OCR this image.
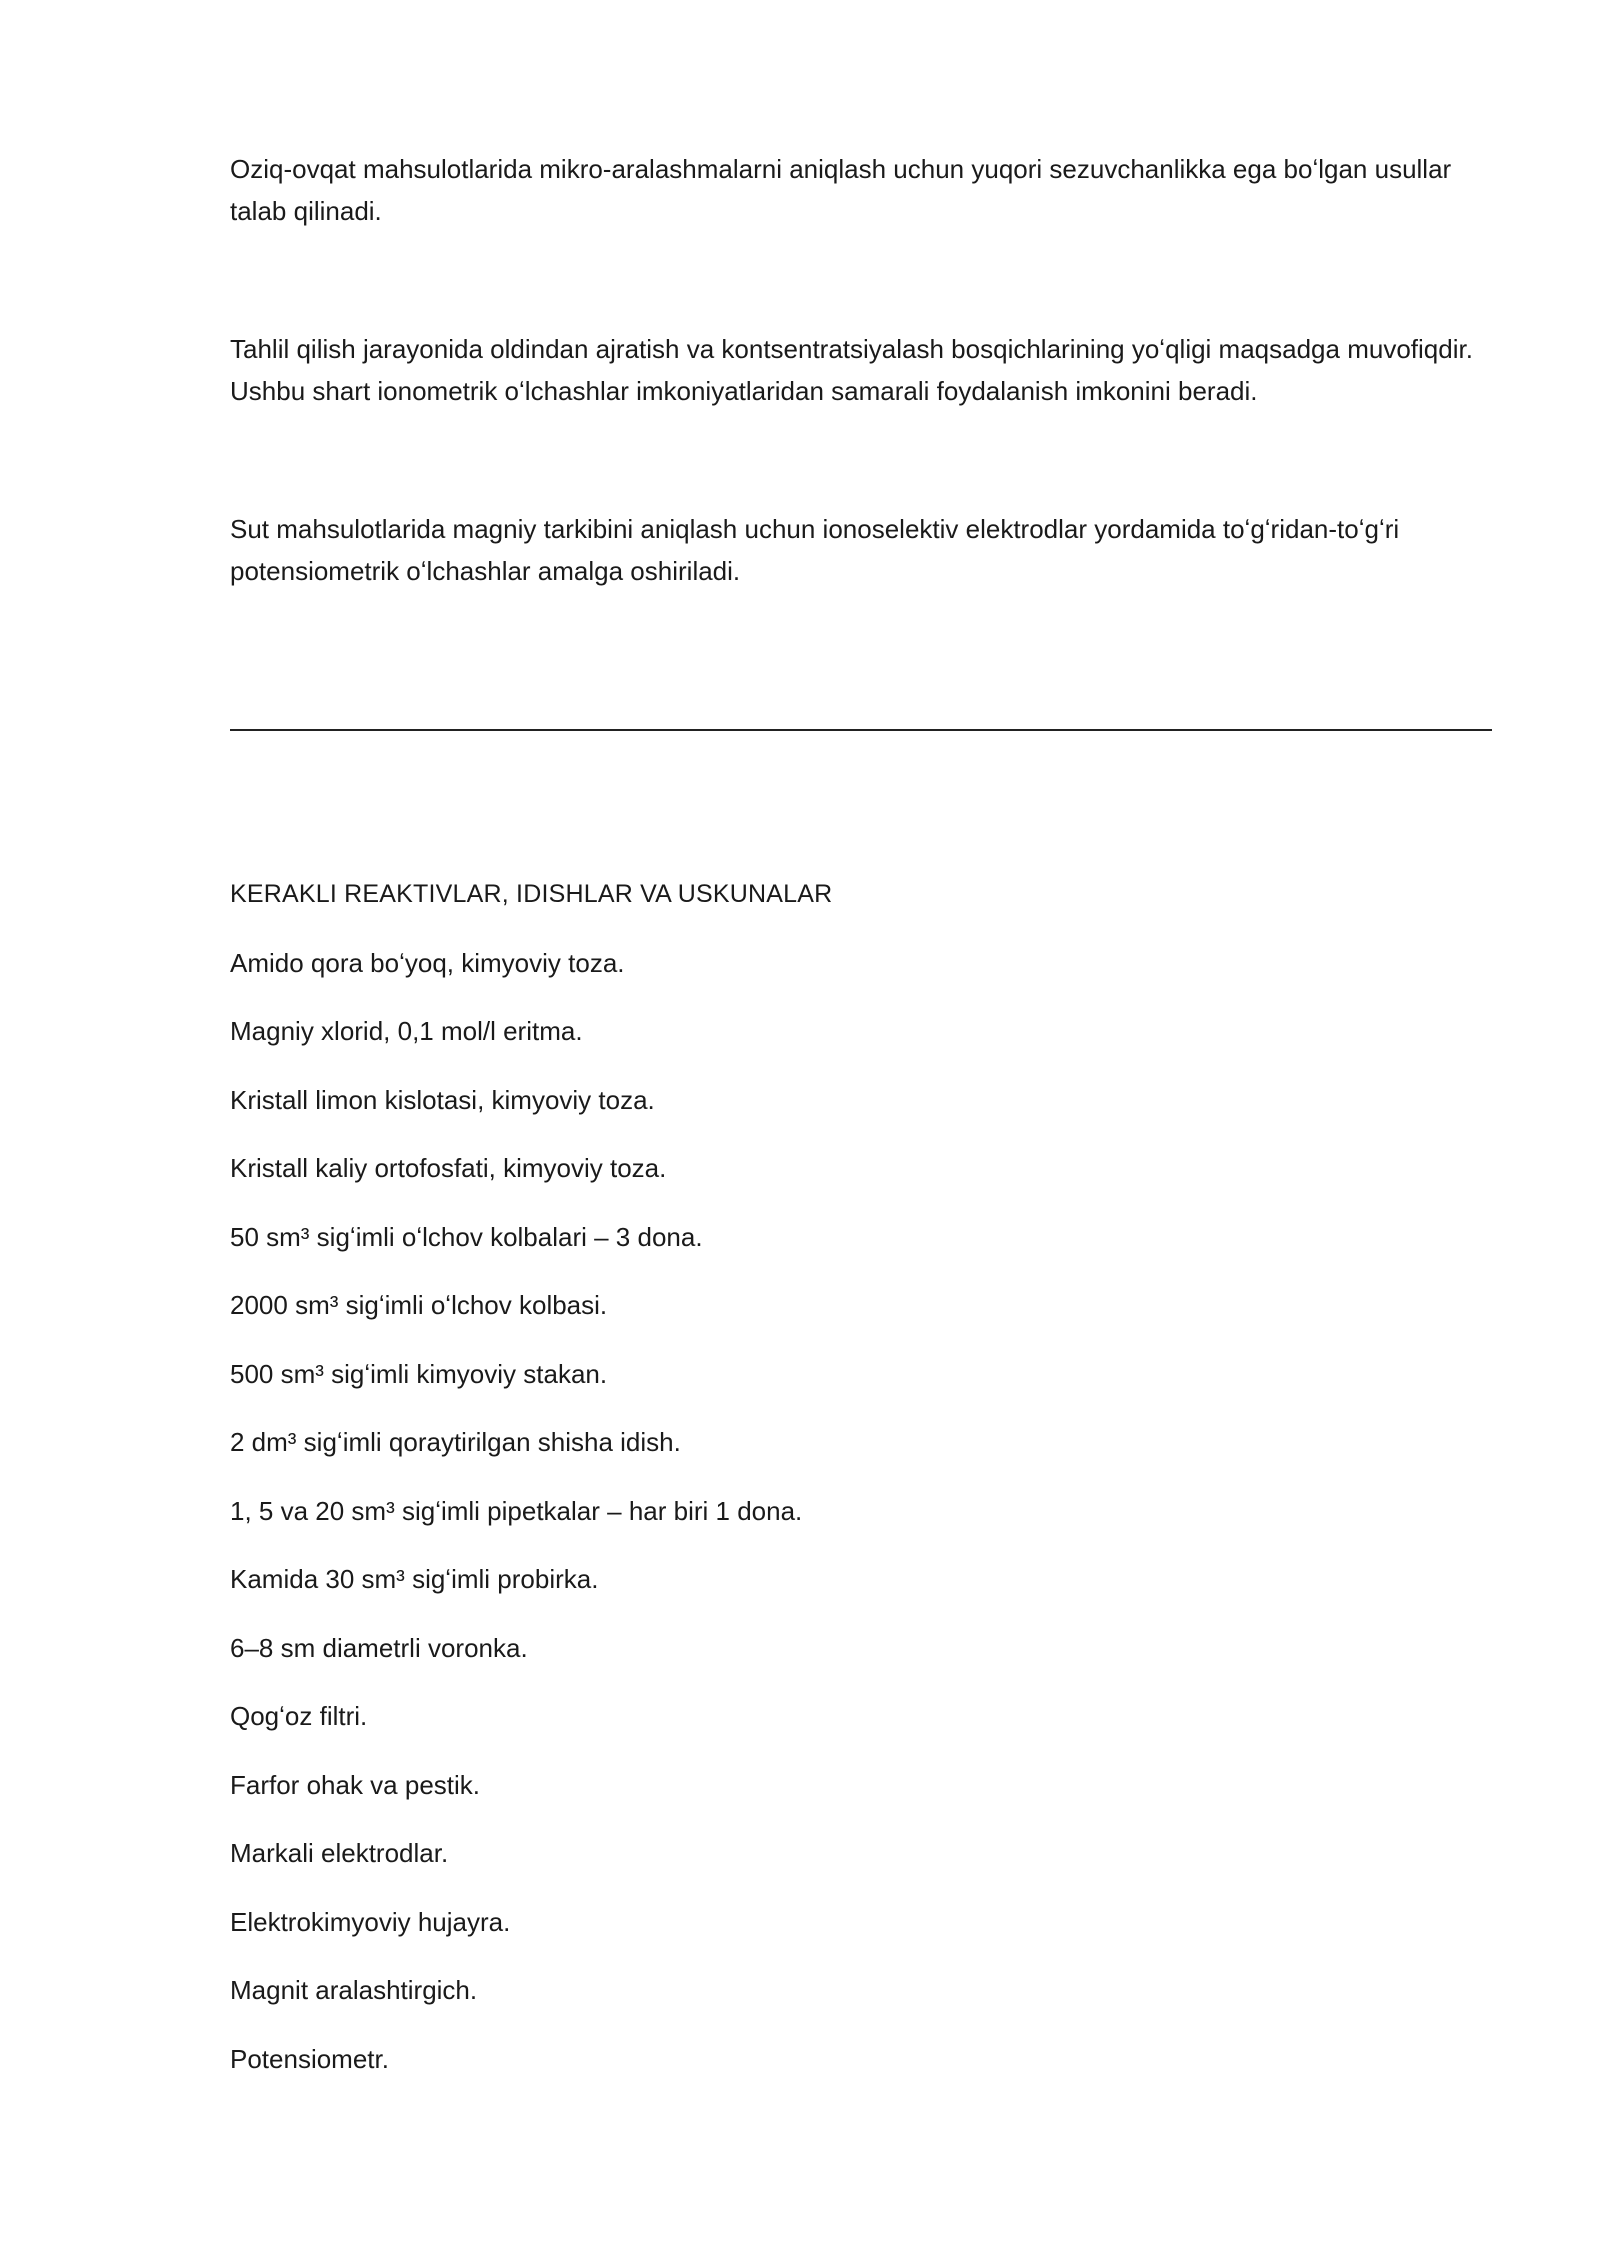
Oziq-ovqat mahsulotlarida mikro-aralashmalarni aniqlash uchun yuqori sezuvchanlikka ega boʻlgan usullar talab qilinadi.

Tahlil qilish jarayonida oldindan ajratish va kontsentratsiyalash bosqichlarining yoʻqligi maqsadga muvofiqdir. Ushbu shart ionometrik oʻlchashlar imkoniyatlaridan samarali foydalanish imkonini beradi.

Sut mahsulotlarida magniy tarkibini aniqlash uchun ionoselektiv elektrodlar yordamida toʻgʻridan-toʻgʻri potensiometrik oʻlchashlar amalga oshiriladi.

KERAKLI REAKTIVLAR, IDISHLAR VA USKUNALAR
Amido qora boʻyoq, kimyoviy toza.
Magniy xlorid, 0,1 mol/l eritma.
Kristall limon kislotasi, kimyoviy toza.
Kristall kaliy ortofosfati, kimyoviy toza.
50 sm³ sigʻimli oʻlchov kolbalari – 3 dona.
2000 sm³ sigʻimli oʻlchov kolbasi.
500 sm³ sigʻimli kimyoviy stakan.
2 dm³ sigʻimli qoraytirilgan shisha idish.
1, 5 va 20 sm³ sigʻimli pipetkalar – har biri 1 dona.
Kamida 30 sm³ sigʻimli probirka.
6–8 sm diametrli voronka.
Qogʻoz filtri.
Farfor ohak va pestik.
Markali elektrodlar.
Elektrokimyoviy hujayra.
Magnit aralashtirgich.
Potensiometr.
